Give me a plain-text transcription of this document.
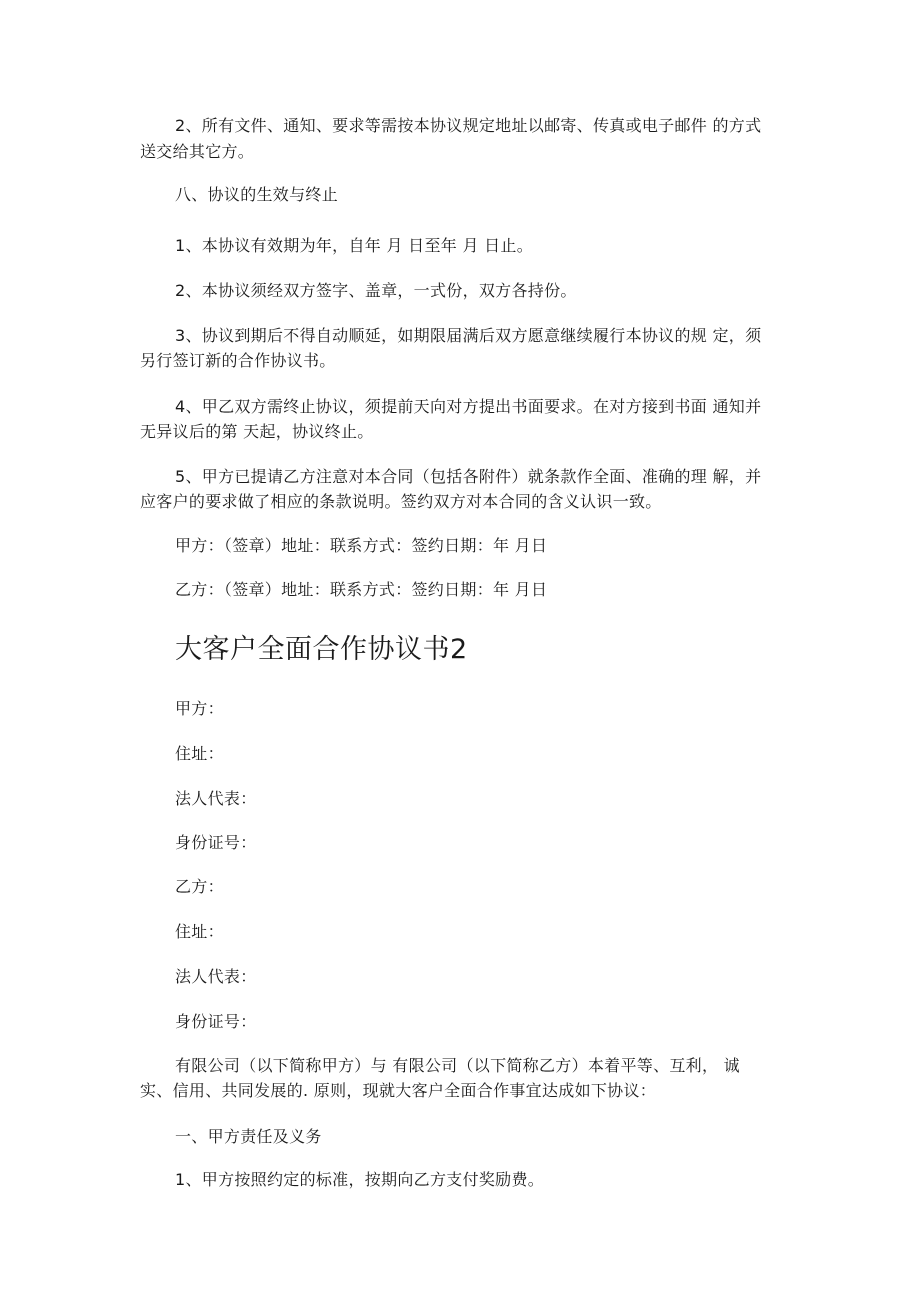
2、所有文件、通知、要求等需按本协议规定地址以邮寄、传真或电子邮件 的方式
送交给其它方。
八、协议的生效与终止
1、本协议有效期为年，自年 月 日至年 月 日止。
2、本协议须经双方签字、盖章，一式份，双方各持份。
3、协议到期后不得自动顺延，如期限届满后双方愿意继续履行本协议的规 定，须
另行签订新的合作协议书。
4、甲乙双方需终止协议，须提前天向对方提出书面要求。在对方接到书面 通知并
无异议后的第 天起，协议终止。
5、甲方已提请乙方注意对本合同（包括各附件）就条款作全面、准确的理 解，并
应客户的要求做了相应的条款说明。签约双方对本合同的含义认识一致。
甲方：（签章）地址：联系方式：签约日期：年 月日
乙方：（签章）地址：联系方式：签约日期：年 月日
大客户全面合作协议书2
甲方：
住址：
法人代表：
身份证号：
乙方：
住址：
法人代表：
身份证号：
有限公司（以下简称甲方）与 有限公司（以下简称乙方）本着平等、互利， 诚
实、信用、共同发展的. 原则，现就大客户全面合作事宜达成如下协议：
一、甲方责任及义务
1、甲方按照约定的标准，按期向乙方支付奖励费。
